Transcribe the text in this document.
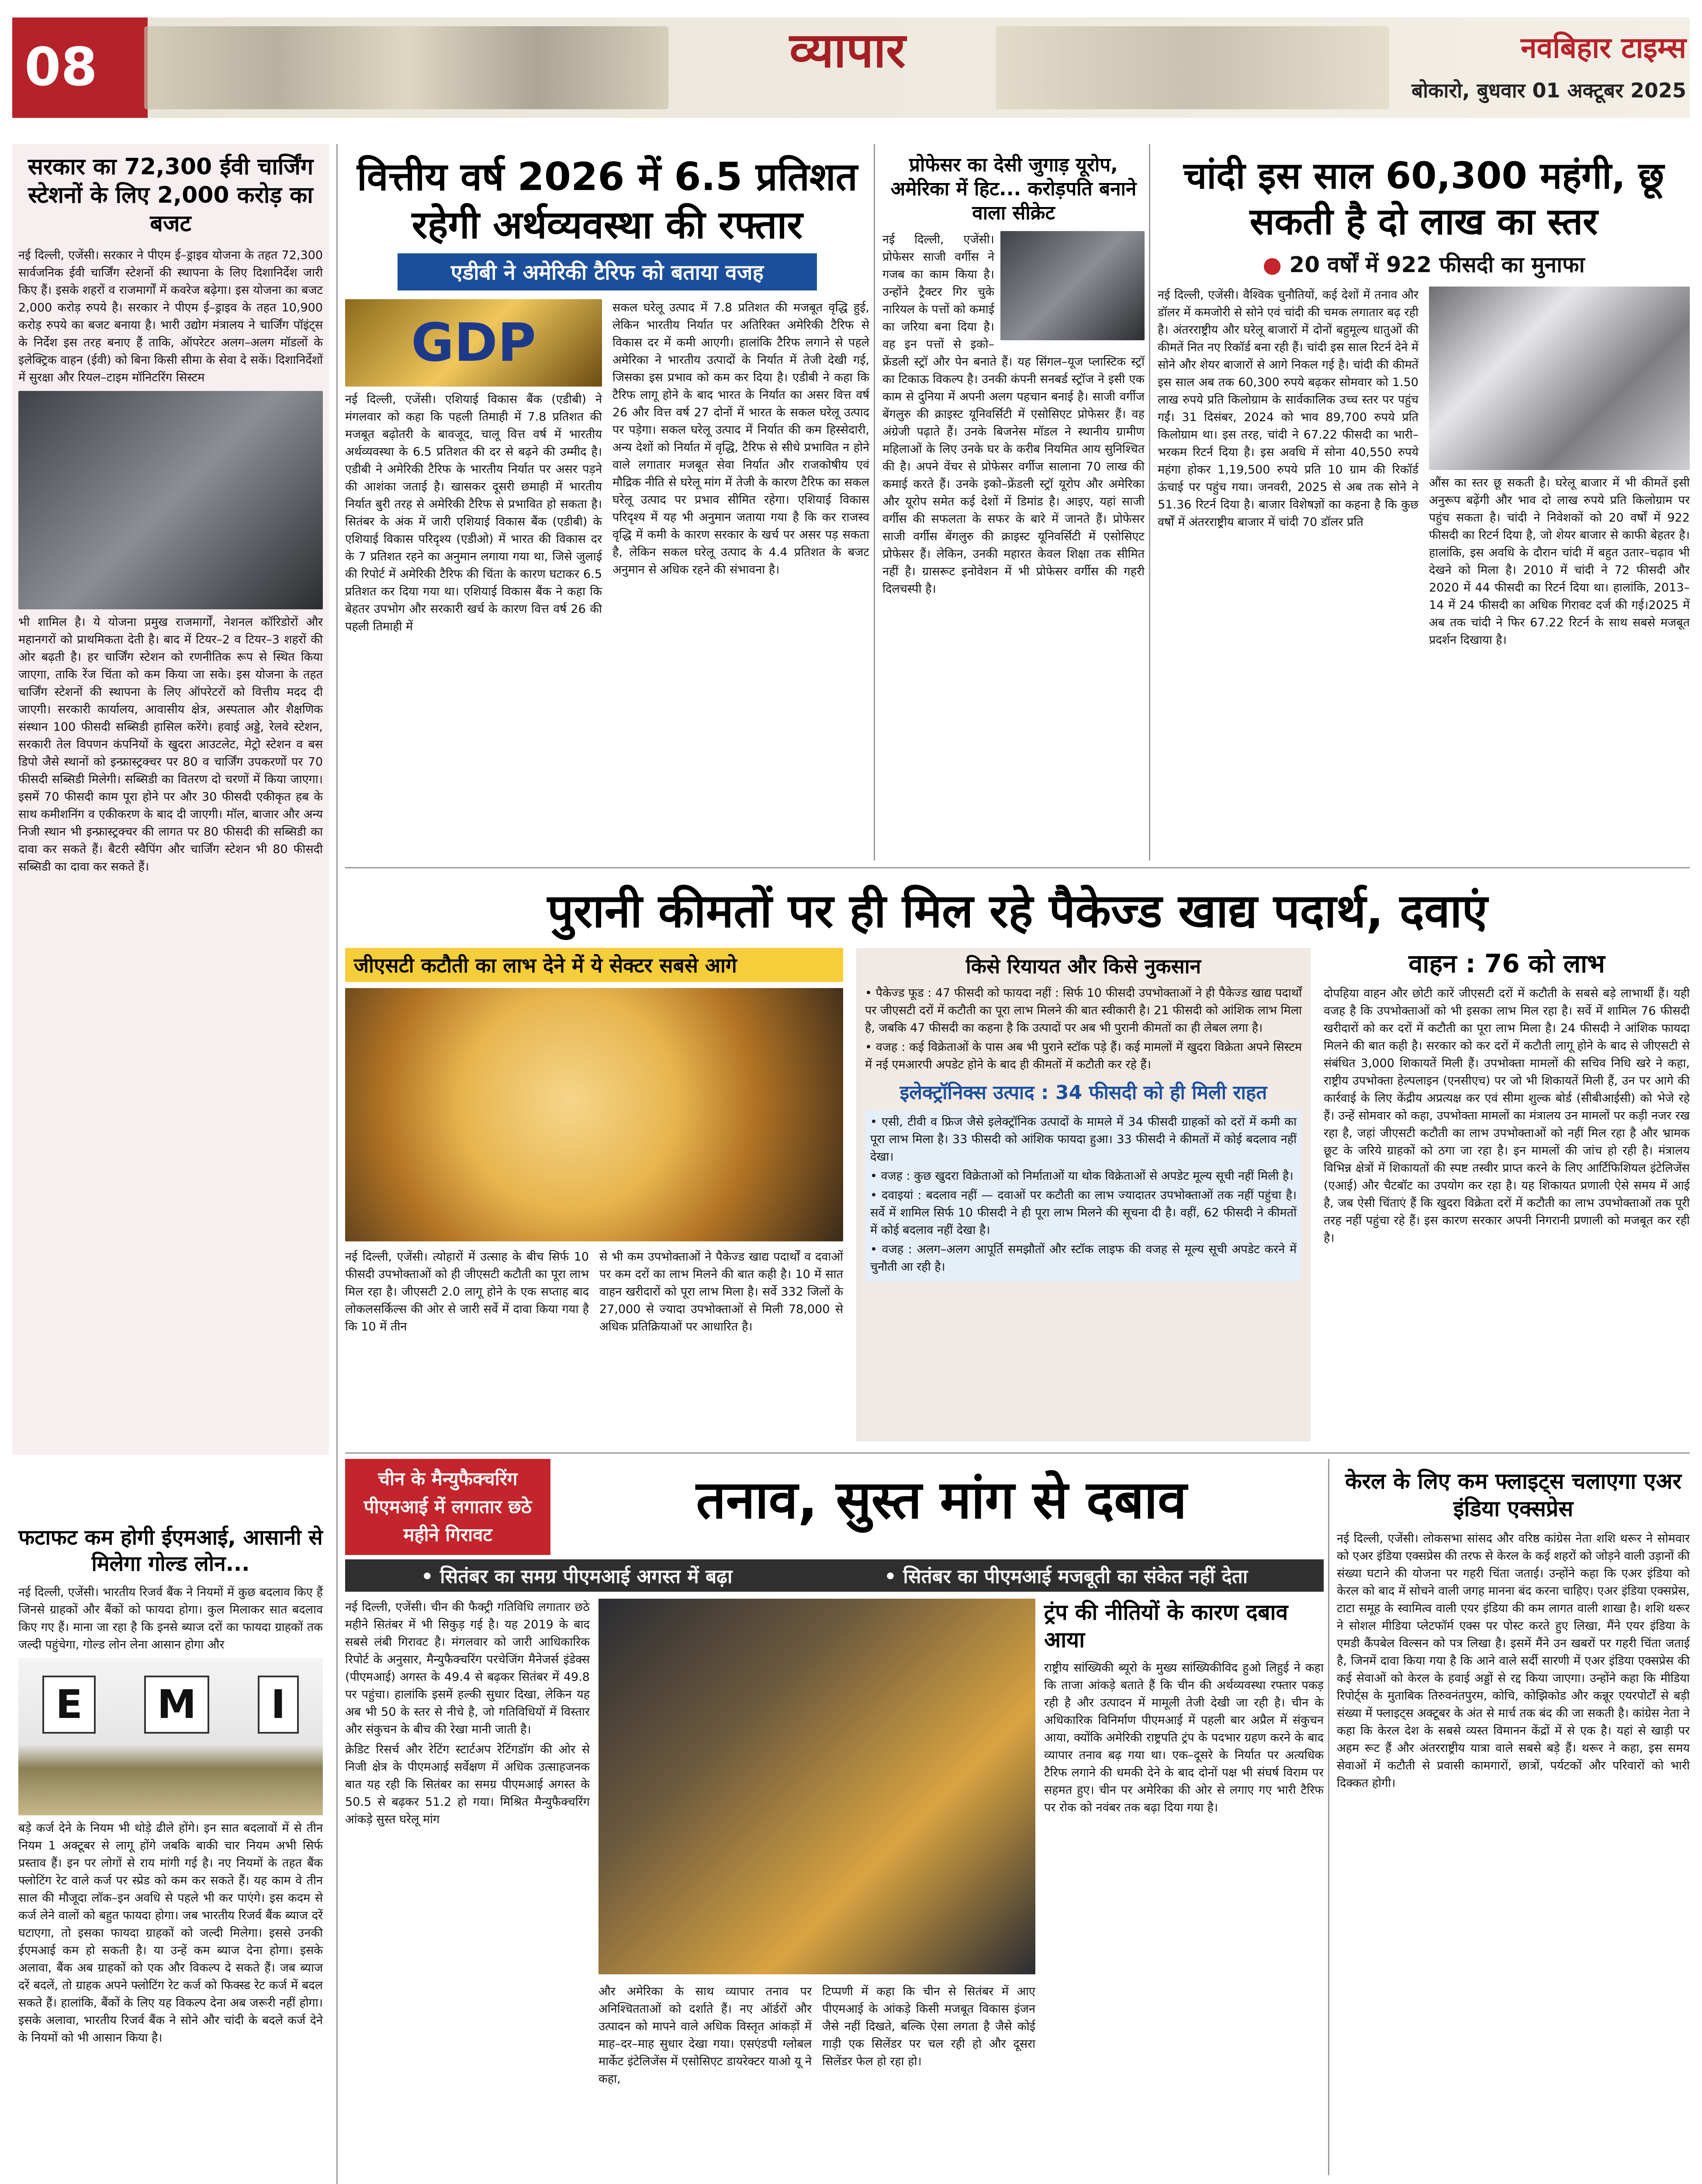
08	व्यापार	नवबिहार टाइम्स
बोकारो, बुधवार 01 अक्टूबर 2025
सरकार का 72,300 ईवी चार्जिंग स्टेशनों के लिए 2,000 करोड़ का बजट

नई दिल्ली, एजेंसी। सरकार ने पीएम ई–ड्राइव योजना के तहत 72,300 सार्वजनिक ईवी चार्जिंग स्टेशनों की स्थापना के लिए दिशानिर्देश जारी किए हैं। इसके शहरों व राजमार्गों में कवरेज बढ़ेगा। इस योजना का बजट 2,000 करोड़ रुपये है। सरकार ने पीएम ई–ड्राइव के तहत 10,900 करोड़ रुपये का बजट बनाया है। भारी उद्योग मंत्रालय ने चार्जिंग पॉइंट्स के निर्देश इस तरह बनाए हैं ताकि, ऑपरेटर अलग–अलग मॉडलों के इलेक्ट्रिक वाहन (ईवी) को बिना किसी सीमा के सेवा दे सकें। दिशानिर्देशों में सुरक्षा और रियल–टाइम मॉनिटरिंग सिस्टम

भी शामिल है। ये योजना प्रमुख राजमार्गों, नेशनल कॉरिडोरों और महानगरों को प्राथमिकता देती है। बाद में टियर–2 व टियर–3 शहरों की ओर बढ़ती है। हर चार्जिंग स्टेशन को रणनीतिक रूप से स्थित किया जाएगा, ताकि रेंज चिंता को कम किया जा सके। इस योजना के तहत चार्जिंग स्टेशनों की स्थापना के लिए ऑपरेटरों को वित्तीय मदद दी जाएगी। सरकारी कार्यालय, आवासीय क्षेत्र, अस्पताल और शैक्षणिक संस्थान 100 फीसदी सब्सिडी हासिल करेंगे। हवाई अड्डे, रेलवे स्टेशन, सरकारी तेल विपणन कंपनियों के खुदरा आउटलेट, मेट्रो स्टेशन व बस डिपो जैसे स्थानों को इन्फ्रास्ट्रक्चर पर 80 व चार्जिंग उपकरणों पर 70 फीसदी सब्सिडी मिलेगी। सब्सिडी का वितरण दो चरणों में किया जाएगा। इसमें 70 फीसदी काम पूरा होने पर और 30 फीसदी एकीकृत हब के साथ कमीशनिंग व एकीकरण के बाद दी जाएगी। मॉल, बाजार और अन्य निजी स्थान भी इन्फ्रास्ट्रक्चर की लागत पर 80 फीसदी की सब्सिडी का दावा कर सकते हैं। बैटरी स्वैपिंग और चार्जिंग स्टेशन भी 80 फीसदी सब्सिडी का दावा कर सकते हैं।

फटाफट कम होगी ईएमआई, आसानी से मिलेगा गोल्ड लोन...

नई दिल्ली, एजेंसी। भारतीय रिजर्व बैंक ने नियमों में कुछ बदलाव किए हैं जिनसे ग्राहकों और बैंकों को फायदा होगा। कुल मिलाकर सात बदलाव किए गए हैं। माना जा रहा है कि इनसे ब्याज दरों का फायदा ग्राहकों तक जल्दी पहुंचेगा, गोल्ड लोन लेना आसान होगा और

E	M	I

बड़े कर्ज देने के नियम भी थोड़े ढीले होंगे। इन सात बदलावों में से तीन नियम 1 अक्टूबर से लागू होंगे जबकि बाकी चार नियम अभी सिर्फ प्रस्ताव हैं। इन पर लोगों से राय मांगी गई है। नए नियमों के तहत बैंक फ्लोटिंग रेट वाले कर्ज पर स्प्रेड को कम कर सकते हैं। यह काम वे तीन साल की मौजूदा लॉक–इन अवधि से पहले भी कर पाएंगे। इस कदम से कर्ज लेने वालों को बहुत फायदा होगा। जब भारतीय रिजर्व बैंक ब्याज दरें घटाएगा, तो इसका फायदा ग्राहकों को जल्दी मिलेगा। इससे उनकी ईएमआई कम हो सकती है। या उन्हें कम ब्याज देना होगा। इसके अलावा, बैंक अब ग्राहकों को एक और विकल्प दे सकते हैं। जब ब्याज दरें बदलें, तो ग्राहक अपने फ्लोटिंग रेट कर्ज को फिक्स्ड रेट कर्ज में बदल सकते हैं। हालांकि, बैंकों के लिए यह विकल्प देना अब जरूरी नहीं होगा। इसके अलावा, भारतीय रिजर्व बैंक ने सोने और चांदी के बदले कर्ज देने के नियमों को भी आसान किया है।

वित्तीय वर्ष 2026 में 6.5 प्रतिशत रहेगी अर्थव्यवस्था की रफ्तार
एडीबी ने अमेरिकी टैरिफ को बताया वजह
GDP

नई दिल्ली, एजेंसी। एशियाई विकास बैंक (एडीबी) ने मंगलवार को कहा कि पहली तिमाही में 7.8 प्रतिशत की मजबूत बढ़ोतरी के बावजूद, चालू वित्त वर्ष में भारतीय अर्थव्यवस्था के 6.5 प्रतिशत की दर से बढ़ने की उम्मीद है। एडीबी ने अमेरिकी टैरिफ के भारतीय निर्यात पर असर पड़ने की आशंका जताई है। खासकर दूसरी छमाही में भारतीय निर्यात बुरी तरह से अमेरिकी टैरिफ से प्रभावित हो सकता है। सितंबर के अंक में जारी एशियाई विकास बैंक (एडीबी) के एशियाई विकास परिदृश्य (एडीओ) में भारत की विकास दर के 7 प्रतिशत रहने का अनुमान लगाया गया था, जिसे जुलाई की रिपोर्ट में अमेरिकी टैरिफ की चिंता के कारण घटाकर 6.5 प्रतिशत कर दिया गया था। एशियाई विकास बैंक ने कहा कि बेहतर उपभोग और सरकारी खर्च के कारण वित्त वर्ष 26 की पहली तिमाही में

सकल घरेलू उत्पाद में 7.8 प्रतिशत की मजबूत वृद्धि हुई, लेकिन भारतीय निर्यात पर अतिरिक्त अमेरिकी टैरिफ से विकास दर में कमी आएगी। हालांकि टैरिफ लगाने से पहले अमेरिका ने भारतीय उत्पादों के निर्यात में तेजी देखी गई, जिसका इस प्रभाव को कम कर दिया है। एडीबी ने कहा कि टैरिफ लागू होने के बाद भारत के निर्यात का असर वित्त वर्ष 26 और वित्त वर्ष 27 दोनों में भारत के सकल घरेलू उत्पाद पर पड़ेगा। सकल घरेलू उत्पाद में निर्यात की कम हिस्सेदारी, अन्य देशों को निर्यात में वृद्धि, टैरिफ से सीधे प्रभावित न होने वाले लगातार मजबूत सेवा निर्यात और राजकोषीय एवं मौद्रिक नीति से घरेलू मांग में तेजी के कारण टैरिफ का सकल घरेलू उत्पाद पर प्रभाव सीमित रहेगा। एशियाई विकास परिदृश्य में यह भी अनुमान जताया गया है कि कर राजस्व वृद्धि में कमी के कारण सरकार के खर्च पर असर पड़ सकता है, लेकिन सकल घरेलू उत्पाद के 4.4 प्रतिशत के बजट अनुमान से अधिक रहने की संभावना है।

प्रोफेसर का देसी जुगाड़ यूरोप, अमेरिका में हिट... करोड़पति बनाने वाला सीक्रेट

नई दिल्ली, एजेंसी। प्रोफेसर साजी वर्गीस ने गजब का काम किया है। उन्होंने ट्रैक्टर गिर चुके नारियल के पत्तों को कमाई का जरिया बना दिया है। वह इन पत्तों से इको–फ्रेंडली स्ट्रॉ और पेन बनाते हैं। यह सिंगल–यूज प्लास्टिक स्ट्रॉ का टिकाऊ विकल्प है। उनकी कंपनी सनबर्ड स्ट्रॉज ने इसी एक काम से दुनिया में अपनी अलग पहचान बनाई है। साजी वर्गीज बेंगलुरु की क्राइस्ट यूनिवर्सिटी में एसोसिएट प्रोफेसर हैं। वह अंग्रेजी पढ़ाते हैं। उनके बिजनेस मॉडल ने स्थानीय ग्रामीण महिलाओं के लिए उनके घर के करीब नियमित आय सुनिश्चित की है। अपने वेंचर से प्रोफेसर वर्गीज सालाना 70 लाख की कमाई करते हैं। उनके इको–फ्रेंडली स्ट्रॉ यूरोप और अमेरिका और यूरोप समेत कई देशों में डिमांड है। आइए, यहां साजी वर्गीस की सफलता के सफर के बारे में जानते हैं। प्रोफेसर साजी वर्गीस बेंगलुरु की क्राइस्ट यूनिवर्सिटी में एसोसिएट प्रोफेसर हैं। लेकिन, उनकी महारत केवल शिक्षा तक सीमित नहीं है। ग्रासरूट इनोवेशन में भी प्रोफेसर वर्गीस की गहरी दिलचस्पी है।

चांदी इस साल 60,300 महंगी, छू सकती है दो लाख का स्तर
● 20 वर्षों में 922 फीसदी का मुनाफा

नई दिल्ली, एजेंसी। वैश्विक चुनौतियों, कई देशों में तनाव और डॉलर में कमजोरी से सोने एवं चांदी की चमक लगातार बढ़ रही है। अंतरराष्ट्रीय और घरेलू बाजारों में दोनों बहुमूल्य धातुओं की कीमतें नित नए रिकॉर्ड बना रही हैं। चांदी इस साल रिटर्न देने में सोने और शेयर बाजारों से आगे निकल गई है। चांदी की कीमतें इस साल अब तक 60,300 रुपये बढ़कर सोमवार को 1.50 लाख रुपये प्रति किलोग्राम के सार्वकालिक उच्च स्तर पर पहुंच गईं। 31 दिसंबर, 2024 को भाव 89,700 रुपये प्रति किलोग्राम था। इस तरह, चांदी ने 67.22 फीसदी का भारी–भरकम रिटर्न दिया है। इस अवधि में सोना 40,550 रुपये महंगा होकर 1,19,500 रुपये प्रति 10 ग्राम की रिकॉर्ड ऊंचाई पर पहुंच गया। जनवरी, 2025 से अब तक सोने ने 51.36 रिटर्न दिया है। बाजार विशेषज्ञों का कहना है कि कुछ वर्षों में अंतरराष्ट्रीय बाजार में चांदी 70 डॉलर प्रति

औंस का स्तर छू सकती है। घरेलू बाजार में भी कीमतें इसी अनुरूप बढ़ेंगी और भाव दो लाख रुपये प्रति किलोग्राम पर पहुंच सकता है। चांदी ने निवेशकों को 20 वर्षों में 922 फीसदी का रिटर्न दिया है, जो शेयर बाजार से काफी बेहतर है। हालांकि, इस अवधि के दौरान चांदी में बहुत उतार–चढ़ाव भी देखने को मिला है। 2010 में चांदी ने 72 फीसदी और 2020 में 44 फीसदी का रिटर्न दिया था। हालांकि, 2013–14 में 24 फीसदी का अधिक गिरावट दर्ज की गई।2025 में अब तक चांदी ने फिर 67.22 रिटर्न के साथ सबसे मजबूत प्रदर्शन दिखाया है।

पुरानी कीमतों पर ही मिल रहे पैकेज्ड खाद्य पदार्थ, दवाएं
जीएसटी कटौती का लाभ देने में ये सेक्टर सबसे आगे

नई दिल्ली, एजेंसी। त्योहारों में उत्साह के बीच सिर्फ 10 फीसदी उपभोक्ताओं को ही जीएसटी कटौती का पूरा लाभ मिल रहा है। जीएसटी 2.0 लागू होने के एक सप्ताह बाद लोकलसर्किल्स की ओर से जारी सर्वे में दावा किया गया है कि 10 में तीन

से भी कम उपभोक्ताओं ने पैकेज्ड खाद्य पदार्थों व दवाओं पर कम दरों का लाभ मिलने की बात कही है। 10 में सात वाहन खरीदारों को पूरा लाभ मिला है। सर्वे 332 जिलों के 27,000 से ज्यादा उपभोक्ताओं से मिली 78,000 से अधिक प्रतिक्रियाओं पर आधारित है।

किसे रियायत और किसे नुकसान

• पैकेज्ड फूड : 47 फीसदी को फायदा नहीं : सिर्फ 10 फीसदी उपभोक्ताओं ने ही पैकेज्ड खाद्य पदार्थों पर जीएसटी दरों में कटौती का पूरा लाभ मिलने की बात स्वीकारी है। 21 फीसदी को आंशिक लाभ मिला है, जबकि 47 फीसदी का कहना है कि उत्पादों पर अब भी पुरानी कीमतों का ही लेबल लगा है।

• वजह : कई विक्रेताओं के पास अब भी पुराने स्टॉक पड़े हैं। कई मामलों में खुदरा विक्रेता अपने सिस्टम में नई एमआरपी अपडेट होने के बाद ही कीमतों में कटौती कर रहे हैं।

इलेक्ट्रॉनिक्स उत्पाद : 34 फीसदी को ही मिली राहत

• एसी, टीवी व फ्रिज जैसे इलेक्ट्रॉनिक उत्पादों के मामले में 34 फीसदी ग्राहकों को दरों में कमी का पूरा लाभ मिला है। 33 फीसदी को आंशिक फायदा हुआ। 33 फीसदी ने कीमतों में कोई बदलाव नहीं देखा।

• वजह : कुछ खुदरा विक्रेताओं को निर्माताओं या थोक विक्रेताओं से अपडेट मूल्य सूची नहीं मिली है।

• दवाइयां : बदलाव नहीं — दवाओं पर कटौती का लाभ ज्यादातर उपभोक्ताओं तक नहीं पहुंचा है। सर्वे में शामिल सिर्फ 10 फीसदी ने ही पूरा लाभ मिलने की सूचना दी है। वहीं, 62 फीसदी ने कीमतों में कोई बदलाव नहीं देखा है।

• वजह : अलग–अलग आपूर्ति समझौतों और स्टॉक लाइफ की वजह से मूल्य सूची अपडेट करने में चुनौती आ रही है।

वाहन : 76 को लाभ

दोपहिया वाहन और छोटी कारें जीएसटी दरों में कटौती के सबसे बड़े लाभार्थी हैं। यही वजह है कि उपभोक्ताओं को भी इसका लाभ मिल रहा है। सर्वे में शामिल 76 फीसदी खरीदारों को कर दरों में कटौती का पूरा लाभ मिला है। 24 फीसदी ने आंशिक फायदा मिलने की बात कही है। सरकार को कर दरों में कटौती लागू होने के बाद से जीएसटी से संबंधित 3,000 शिकायतें मिली हैं। उपभोक्ता मामलों की सचिव निधि खरे ने कहा, राष्ट्रीय उपभोक्ता हेल्पलाइन (एनसीएच) पर जो भी शिकायतें मिली हैं, उन पर आगे की कार्रवाई के लिए केंद्रीय अप्रत्यक्ष कर एवं सीमा शुल्क बोर्ड (सीबीआईसी) को भेजे रहे हैं। उन्हें सोमवार को कहा, उपभोक्ता मामलों का मंत्रालय उन मामलों पर कड़ी नजर रख रहा है, जहां जीएसटी कटौती का लाभ उपभोक्ताओं को नहीं मिल रहा है और भ्रामक छूट के जरिये ग्राहकों को ठगा जा रहा है। इन मामलों की जांच हो रही है। मंत्रालय विभिन्न क्षेत्रों में शिकायतों की स्पष्ट तस्वीर प्राप्त करने के लिए आर्टिफिशियल इंटेलिजेंस (एआई) और चैटबॉट का उपयोग कर रहा है। यह शिकायत प्रणाली ऐसे समय में आई है, जब ऐसी चिंताएं हैं कि खुदरा विक्रेता दरों में कटौती का लाभ उपभोक्ताओं तक पूरी तरह नहीं पहुंचा रहे हैं। इस कारण सरकार अपनी निगरानी प्रणाली को मजबूत कर रही है।

चीन के मैन्युफैक्चरिंग पीएमआई में लगातार छठे महीने गिरावट
तनाव, सुस्त मांग से दबाव
• सितंबर का समग्र पीएमआई अगस्त में बढ़ा	• सितंबर का पीएमआई मजबूती का संकेत नहीं देता

नई दिल्ली, एजेंसी। चीन की फैक्ट्री गतिविधि लगातार छठे महीने सितंबर में भी सिकुड़ गई है। यह 2019 के बाद सबसे लंबी गिरावट है। मंगलवार को जारी आधिकारिक रिपोर्ट के अनुसार, मैन्युफैक्चरिंग परचेजिंग मैनेजर्स इंडेक्स (पीएमआई) अगस्त के 49.4 से बढ़कर सितंबर में 49.8 पर पहुंचा। हालांकि इसमें हल्की सुधार दिखा, लेकिन यह अब भी 50 के स्तर से नीचे है, जो गतिविधियों में विस्तार और संकुचन के बीच की रेखा मानी जाती है।

क्रेडिट रिसर्च और रेटिंग स्टार्टअप रेटिंगडॉग की ओर से निजी क्षेत्र के पीएमआई सर्वेक्षण में अधिक उत्साहजनक बात यह रही कि सितंबर का समग्र पीएमआई अगस्त के 50.5 से बढ़कर 51.2 हो गया। मिश्रित मैन्युफैक्चरिंग आंकड़े सुस्त घरेलू मांग

और अमेरिका के साथ व्यापार तनाव पर अनिश्चितताओं को दर्शाते हैं। नए ऑर्डरों और उत्पादन को मापने वाले अधिक विस्तृत आंकड़ों में माह–दर–माह सुधार देखा गया। एसएंडपी ग्लोबल मार्केट इंटेलिजेंस में एसोसिएट डायरेक्टर याओ यू ने कहा,

टिप्पणी में कहा कि चीन से सितंबर में आए पीएमआई के आंकड़े किसी मजबूत विकास इंजन जैसे नहीं दिखते, बल्कि ऐसा लगता है जैसे कोई गाड़ी एक सिलेंडर पर चल रही हो और दूसरा सिलेंडर फेल हो रहा हो।

ट्रंप की नीतियों के कारण दबाव आया

राष्ट्रीय सांख्यिकी ब्यूरो के मुख्य सांख्यिकीविद हुओ लिहुई ने कहा कि ताजा आंकड़े बताते हैं कि चीन की अर्थव्यवस्था रफ्तार पकड़ रही है और उत्पादन में मामूली तेजी देखी जा रही है। चीन के अधिकारिक विनिर्माण पीएमआई में पहली बार अप्रैल में संकुचन आया, क्योंकि अमेरिकी राष्ट्रपति ट्रंप के पदभार ग्रहण करने के बाद व्यापार तनाव बढ़ गया था। एक–दूसरे के निर्यात पर अत्यधिक टैरिफ लगाने की धमकी देने के बाद दोनों पक्ष भी संघर्ष विराम पर सहमत हुए। चीन पर अमेरिका की ओर से लगाए गए भारी टैरिफ पर रोक को नवंबर तक बढ़ा दिया गया है।

केरल के लिए कम फ्लाइट्स चलाएगा एअर इंडिया एक्सप्रेस

नई दिल्ली, एजेंसी। लोकसभा सांसद और वरिष्ठ कांग्रेस नेता शशि थरूर ने सोमवार को एअर इंडिया एक्सप्रेस की तरफ से केरल के कई शहरों को जोड़ने वाली उड़ानों की संख्या घटाने की योजना पर गहरी चिंता जताई। उन्होंने कहा कि एअर इंडिया को केरल को बाद में सोचने वाली जगह मानना बंद करना चाहिए। एअर इंडिया एक्सप्रेस, टाटा समूह के स्वामित्व वाली एयर इंडिया की कम लागत वाली शाखा है। शशि थरूर ने सोशल मीडिया प्लेटफॉर्म एक्स पर पोस्ट करते हुए लिखा, मैंने एयर इंडिया के एमडी कैंपबेल विल्सन को पत्र लिखा है। इसमें मैंने उन खबरों पर गहरी चिंता जताई है, जिनमें दावा किया गया है कि आने वाले सर्दी सारणी में एअर इंडिया एक्सप्रेस की कई सेवाओं को केरल के हवाई अड्डों से रद्द किया जाएगा। उन्होंने कहा कि मीडिया रिपोर्ट्स के मुताबिक तिरुवनंतपुरम, कोचि, कोझिकोड और कन्नूर एयरपोर्टों से बड़ी संख्या में फ्लाइट्स अक्टूबर के अंत से मार्च तक बंद की जा सकती है। कांग्रेस नेता ने कहा कि केरल देश के सबसे व्यस्त विमानन केंद्रों में से एक है। यहां से खाड़ी पर अहम रूट हैं और अंतरराष्ट्रीय यात्रा वाले सबसे बड़े हैं। थरूर ने कहा, इस समय सेवाओं में कटौती से प्रवासी कामगारों, छात्रों, पर्यटकों और परिवारों को भारी दिक्कत होगी।
